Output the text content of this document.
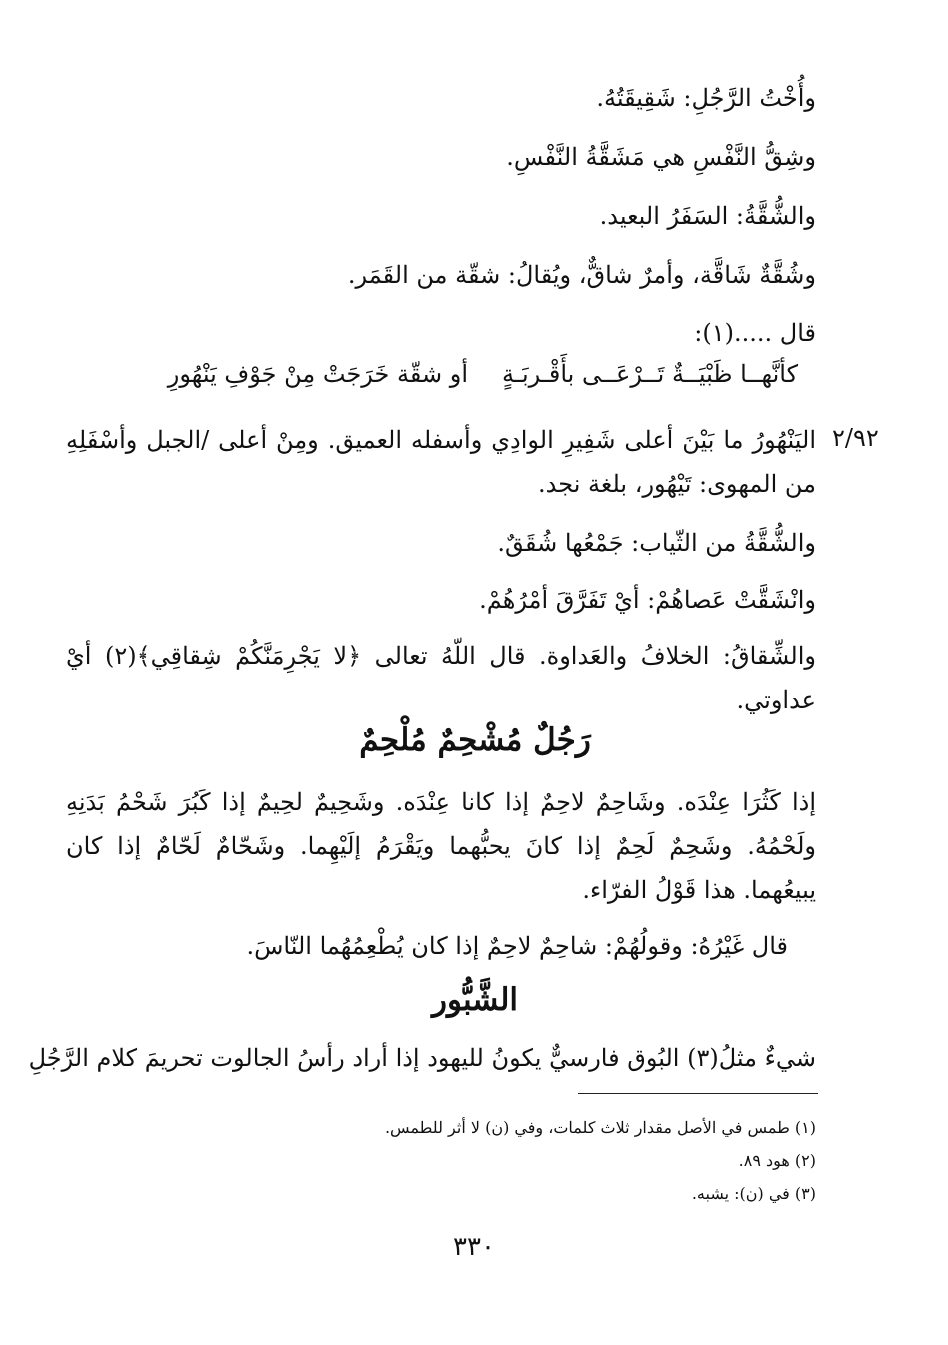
وأُخْتُ الرَّجُلِ: شَقِيقَتُهُ.
وشِقُّ النَّفْسِ هي مَشَقَّةُ النَّفْسِ.
والشُّقَّةُ: السَفَرُ البعيد.
وشُقَّةٌ شَاقَّة، وأمرٌ شاقٌّ، ويُقالُ: شقّة من القَمَر.
قال .....(١):
كأنَّهــا ظَبْيَــةٌ تَــرْعَــى بأَقْـربَـةٍ
أو شقّة خَرَجَتْ مِنْ جَوْفِ يَنْهُورِ
٢/٩٢
اليَنْهُورُ ما بَيْنَ أعلى شَفِيرِ الوادِي وأسفله العميق. ومِنْ أعلى /الجبل وأسْفَلِهِ من المهوى: تَيْهُور، بلغة نجد.
والشُّقَّةُ من الثّياب: جَمْعُها شُقَقٌ.
وانْشَقَّتْ عَصاهُمْ: أيْ تَفَرَّقَ أمْرُهُمْ.
والشِّقاقُ: الخلافُ والعَداوة. قال اللّهُ تعالى ﴿لا يَجْرِمَنَّكُمْ شِقاقِي﴾(٢) أيْ عداوتي.
رَجُلٌ مُشْحِمٌ مُلْحِمٌ
إذا كَثُرَا عِنْدَه. وشَاحِمٌ لاحِمٌ إذا كانا عِنْدَه. وشَحِيمٌ لحِيمٌ إذا كَبُرَ شَحْمُ بَدَنِهِ ولَحْمُهُ. وشَحِمٌ لَحِمٌ إذا كانَ يحبُّهما ويَقْرَمُ إلَيْهِما. وشَحّامٌ لَحّامٌ إذا كان يبيعُهما. هذا قَوْلُ الفرّاء.
قال غَيْرُهُ: وقولُهُمْ: شاحِمٌ لاحِمٌ إذا كان يُطْعِمُهُما النّاسَ.
الشَّبُّور
شيءٌ مثلُ(٣) البُوق فارسيٌّ يكونُ لليهود إذا أراد رأسُ الجالوت تحريمَ كلام الرَّجُلِ
(١) طمس في الأصل مقدار ثلاث كلمات، وفي (ن) لا أثر للطمس.
(٢) هود ٨٩.
(٣) في (ن): يشبه.
٣٣٠
